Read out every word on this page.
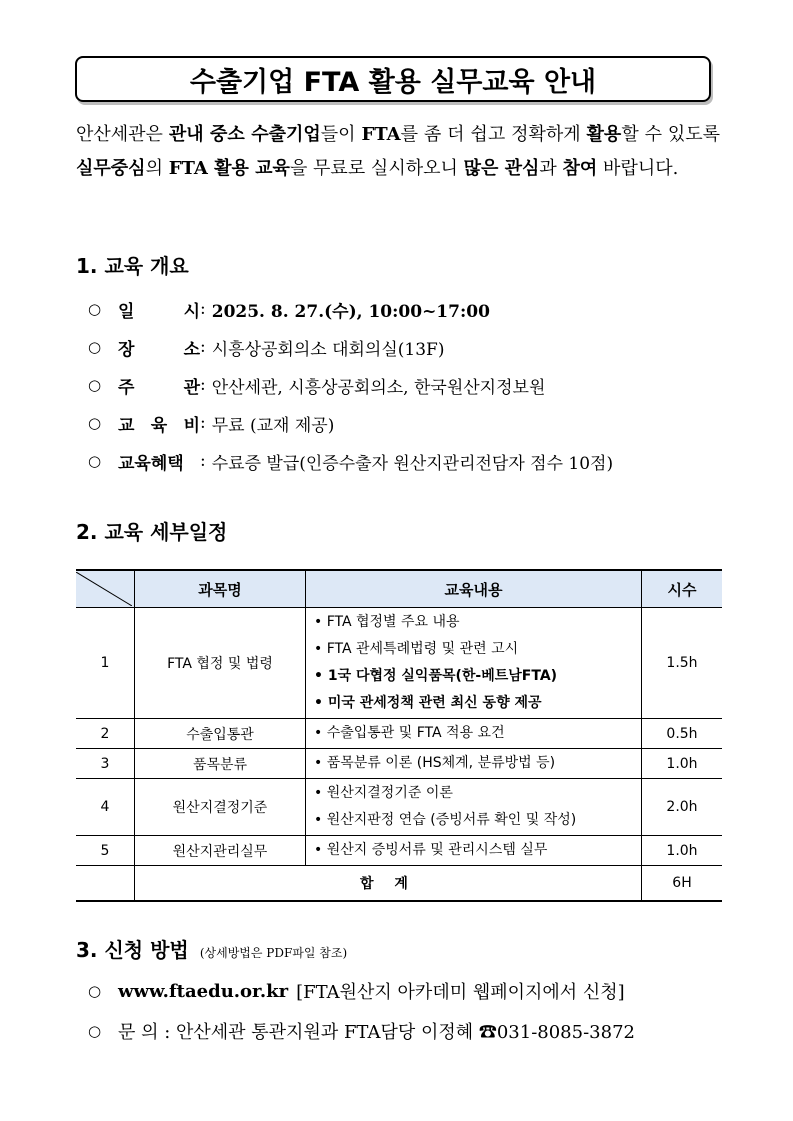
수출기업 FTA 활용 실무교육 안내
안산세관은 관내 중소 수출기업들이 FTA를 좀 더 쉽고 정확하게 활용할 수 있도록 실무중심의 FTA 활용 교육을 무료로 실시하오니 많은 관심과 참여 바랍니다.
1. 교육 개요
○ 일 시 : 2025. 8. 27.(수), 10:00~17:00
○ 장 소 : 시흥상공회의소 대회의실(13F)
○ 주 관 : 안산세관, 시흥상공회의소, 한국원산지정보원
○ 교 육 비 : 무료 (교재 제공)
○ 교육혜택 : 수료증 발급(인증수출자 원산지관리전담자 점수 10점)
2. 교육 세부일정
	과목명	교육내용	시수
1	FTA 협정 및 법령	• FTA 협정별 주요 내용
• FTA 관세특례법령 및 관련 고시
• 1국 다협정 실익품목(한-베트남FTA)
• 미국 관세정책 관련 최신 동향 제공	1.5h
2	수출입통관	• 수출입통관 및 FTA 적용 요건	0.5h
3	품목분류	• 품목분류 이론 (HS체계, 분류방법 등)	1.0h
4	원산지결정기준	• 원산지결정기준 이론
• 원산지판정 연습 (증빙서류 확인 및 작성)	2.0h
5	원산지관리실무	• 원산지 증빙서류 및 관리시스템 실무	1.0h
	합 계		6H
3. 신청 방법 (상세방법은 PDF파일 참조)
○ www.ftaedu.or.kr [FTA원산지 아카데미 웹페이지에서 신청]
○ 문 의 : 안산세관 통관지원과 FTA담당 이정혜 ☎031-8085-3872
